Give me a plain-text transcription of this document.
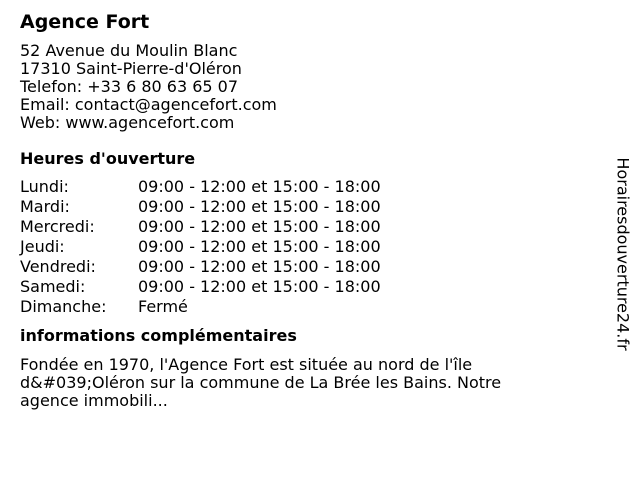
Agence Fort

52 Avenue du Moulin Blanc

17310 Saint-Pierre-d'Oléron

Telefon: +33 6 80 63 65 07

Email: contact@agencefort.com

Web: www.agencefort.com

Heures d'ouverture
Lundi:	09:00 - 12:00 et 15:00 - 18:00
Mardi:	09:00 - 12:00 et 15:00 - 18:00
Mercredi:	09:00 - 12:00 et 15:00 - 18:00
Jeudi:	09:00 - 12:00 et 15:00 - 18:00
Vendredi:	09:00 - 12:00 et 15:00 - 18:00
Samedi:	09:00 - 12:00 et 15:00 - 18:00
Dimanche:	Fermé
informations complémentaires

Fondée en 1970, l'Agence Fort est située au nord de l'île d&#039;Oléron sur la commune de La Brée les Bains. Notre agence immobili...

Horairesdouverture24.fr
